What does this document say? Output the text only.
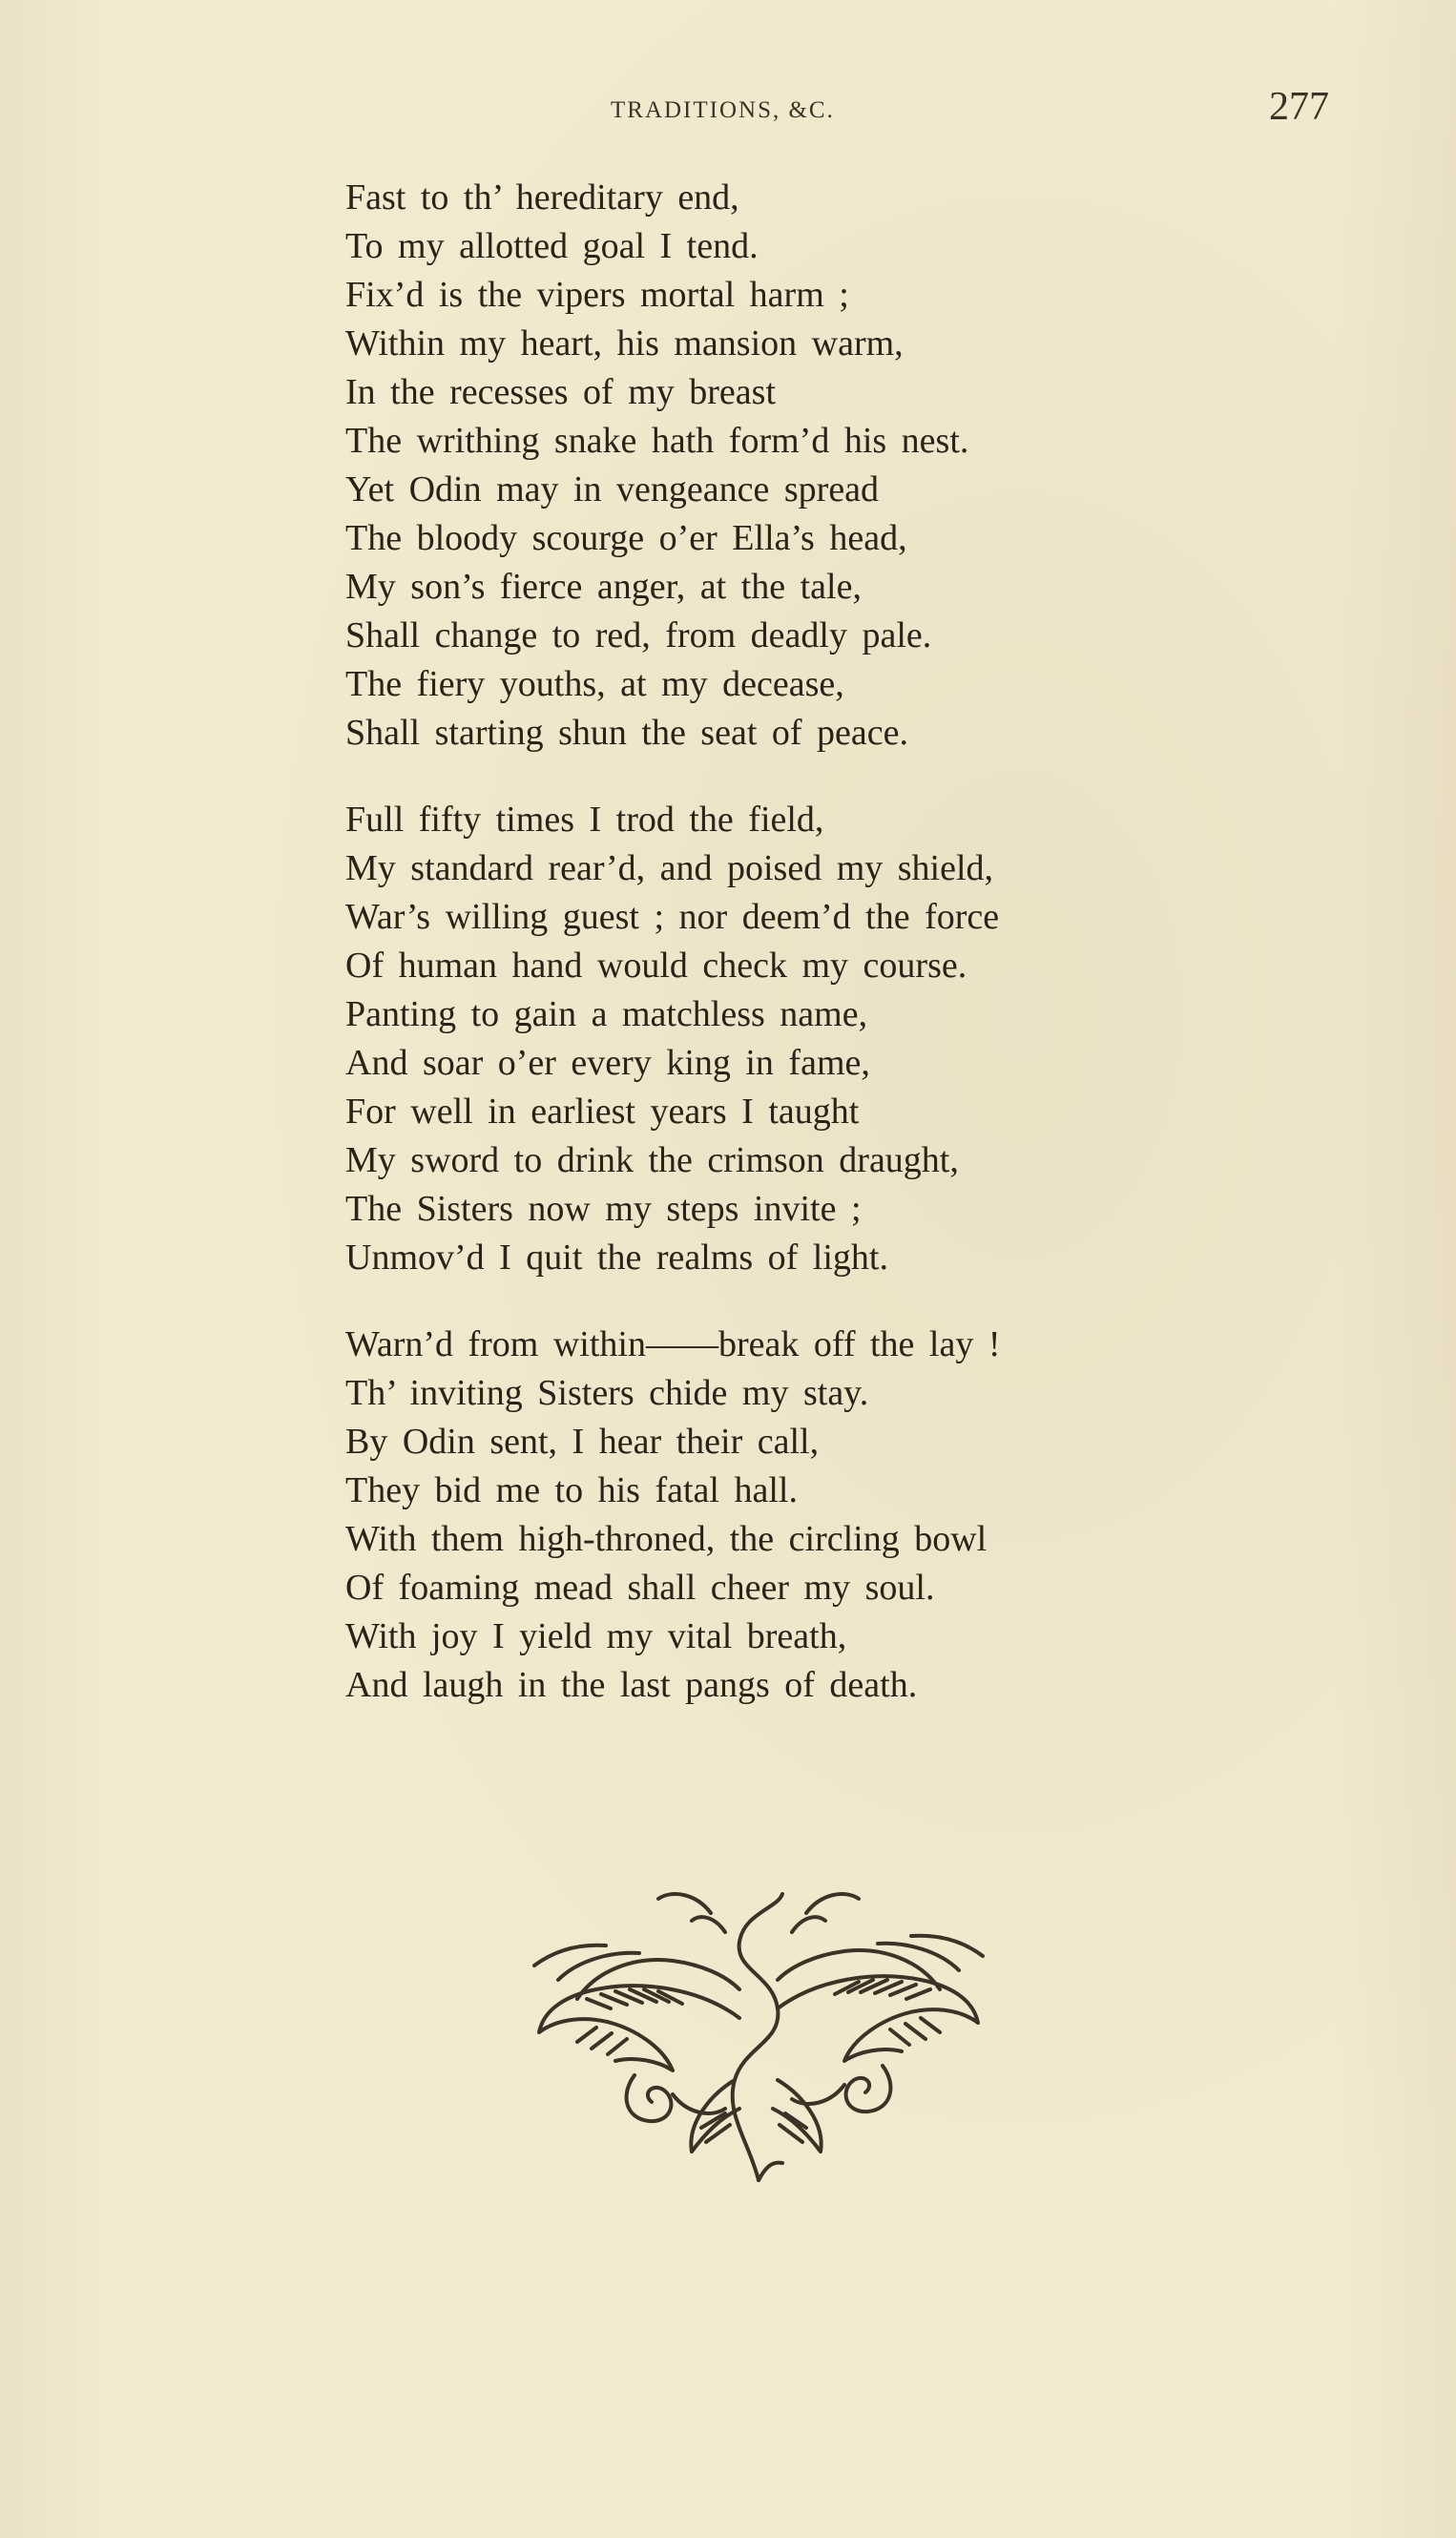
TRADITIONS, &C.	277
Fast to th’ hereditary end,
To my allotted goal I tend.
Fix’d is the vipers mortal harm ;
Within my heart, his mansion warm,
In the recesses of my breast
The writhing snake hath form’d his nest.
Yet Odin may in vengeance spread
The bloody scourge o’er Ella’s head,
My son’s fierce anger, at the tale,
Shall change to red, from deadly pale.
The fiery youths, at my decease,
Shall starting shun the seat of peace.
Full fifty times I trod the field,
My standard rear’d, and poised my shield,
War’s willing guest ; nor deem’d the force
Of human hand would check my course.
Panting to gain a matchless name,
And soar o’er every king in fame,
For well in earliest years I taught
My sword to drink the crimson draught,
The Sisters now my steps invite ;
Unmov’d I quit the realms of light.
Warn’d from within——break off the lay !
Th’ inviting Sisters chide my stay.
By Odin sent, I hear their call,
They bid me to his fatal hall.
With them high-throned, the circling bowl
Of foaming mead shall cheer my soul.
With joy I yield my vital breath,
And laugh in the last pangs of death.
